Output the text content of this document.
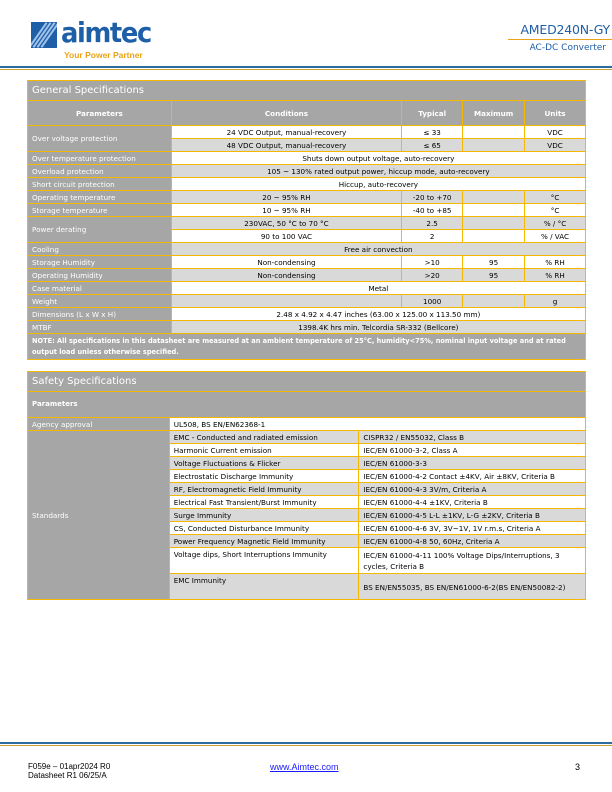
aimtec
Your Power Partner
AMED240N-GY
AC-DC Converter
General Specifications				
Parameters	Conditions	Typical	Maximum	Units
Over voltage protection	24 VDC Output, manual-recovery	≤ 33		VDC
	48 VDC Output, manual-recovery	≤ 65		VDC
Over temperature protection	Shuts down output voltage, auto-recovery			
Overload protection	105 ~ 130% rated output power, hiccup mode, auto-recovery			
Short circuit protection	Hiccup, auto-recovery			
Operating temperature	20 ~ 95% RH	-20 to +70		°C
Storage temperature	10 ~ 95% RH	-40 to +85		°C
Power derating	230VAC, 50 °C to 70 °C	2.5		% / °C
	90 to 100 VAC	2		% / VAC
Cooling	Free air convection			
Storage Humidity	Non-condensing	>10	95	% RH
Operating Humidity	Non-condensing	>20	95	% RH
Case material	Metal			
Weight		1000		g
Dimensions (L x W x H)	2.48 x 4.92 x 4.47 inches (63.00 x 125.00 x 113.50 mm)			
MTBF	1398.4K hrs min. Telcordia SR-332 (Bellcore)			
NOTE: All specifications in this datasheet are measured at an ambient temperature of 25°C, humidity<75%, nominal input voltage and at rated output load unless otherwise specified.				
Safety Specifications		
Parameters		
Agency approval	UL508, BS EN/EN62368-1	
Standards	EMC - Conducted and radiated emission	CISPR32 / EN55032, Class B
	Harmonic Current emission	IEC/EN 61000-3-2, Class A
	Voltage Fluctuations & Flicker	IEC/EN 61000-3-3
	Electrostatic Discharge Immunity	IEC/EN 61000-4-2 Contact ±4KV, Air ±8KV, Criteria B
	RF, Electromagnetic Field Immunity	IEC/EN 61000-4-3 3V/m, Criteria A
	Electrical Fast Transient/Burst Immunity	IEC/EN 61000-4-4 ±1KV, Criteria B
	Surge Immunity	IEC/EN 61000-4-5 L-L ±1KV, L-G ±2KV, Criteria B
	CS, Conducted Disturbance Immunity	IEC/EN 61000-4-6 3V, 3V~1V, 1V r.m.s, Criteria A
	Power Frequency Magnetic Field Immunity	IEC/EN 61000-4-8 50, 60Hz, Criteria A
	Voltage dips, Short Interruptions Immunity	IEC/EN 61000-4-11 100% Voltage Dips/Interruptions, 3 cycles, Criteria B
	EMC Immunity	BS EN/EN55035, BS EN/EN61000-6-2(BS EN/EN50082-2)
F059e – 01apr2024 R0
Datasheet R1 06/25/A
www.Aimtec.com	3
